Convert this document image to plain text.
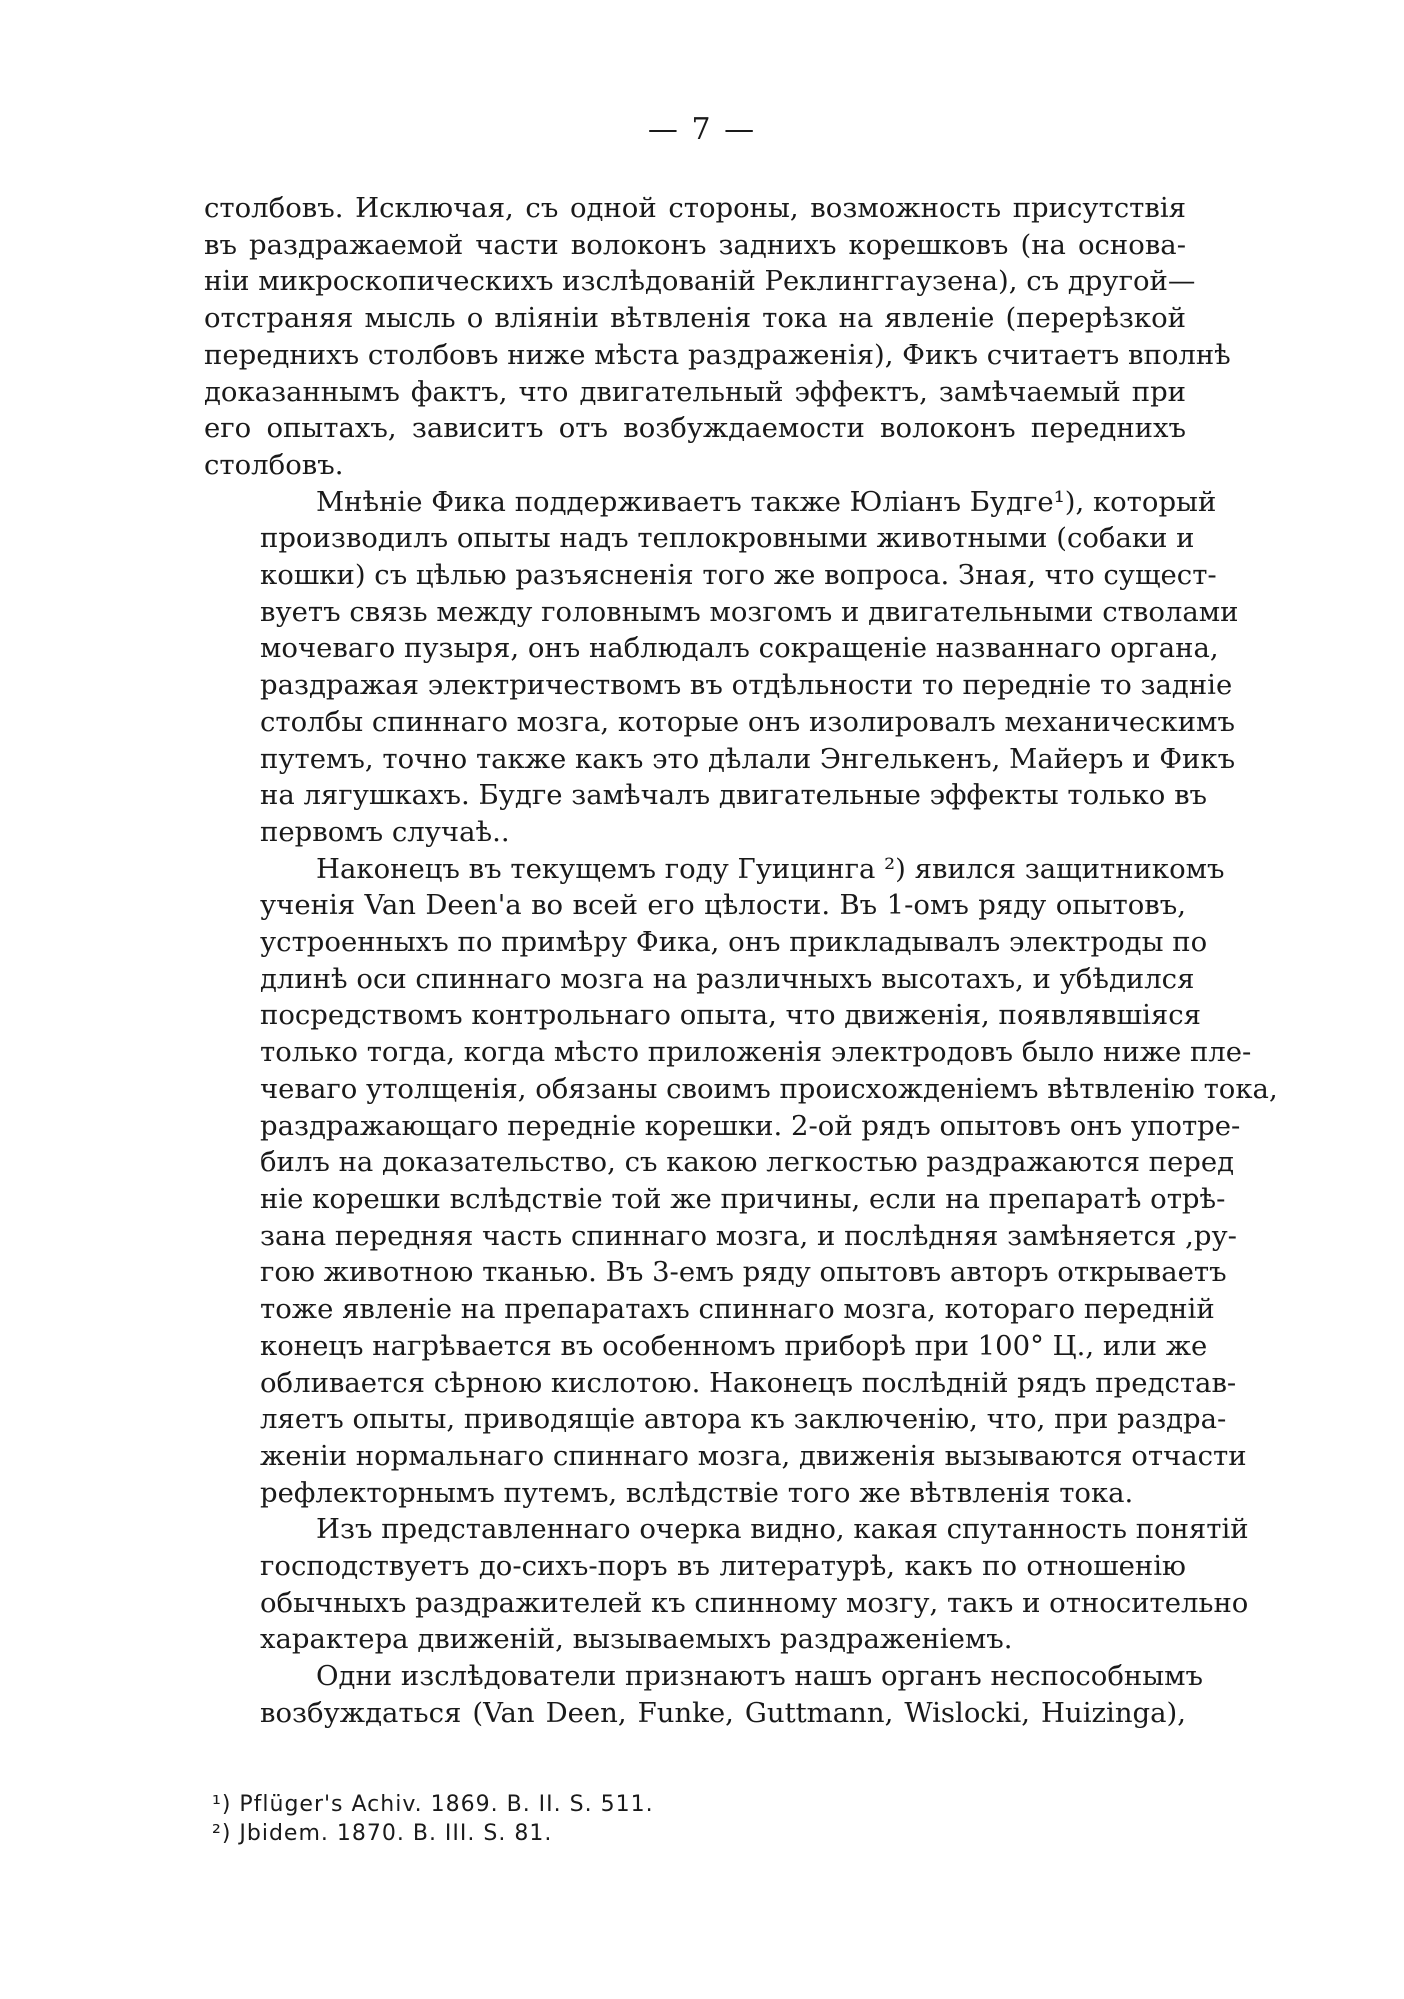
— 7 —

столбовъ. Исключая, съ одной стороны, возможность присутствія
въ раздражаемой части волоконъ заднихъ корешковъ (на основа-
ніи микроскопическихъ изслѣдованій Реклинггаузена), съ другой—
отстраняя мысль о вліяніи вѣтвленія тока на явленіе (перерѣзкой
переднихъ столбовъ ниже мѣста раздраженія), Фикъ считаетъ вполнѣ
доказаннымъ фактъ, что двигательный эффектъ, замѣчаемый при
его опытахъ, зависитъ отъ возбуждаемости волоконъ переднихъ
столбовъ.

Мнѣніе Фика поддерживаетъ также Юліанъ Будге¹), который
производилъ опыты надъ теплокровными животными (собаки и
кошки) съ цѣлью разъясненія того же вопроса. Зная, что сущест-
вуетъ связь между головнымъ мозгомъ и двигательными стволами
мочеваго пузыря, онъ наблюдалъ сокращеніе названнаго органа,
раздражая электричествомъ въ отдѣльности то передніе то задніе
столбы спиннаго мозга, которые онъ изолировалъ механическимъ
путемъ, точно также какъ это дѣлали Энгелькенъ, Майеръ и Фикъ
на лягушкахъ. Будге замѣчалъ двигательные эффекты только въ
первомъ случаѣ..

Наконецъ въ текущемъ году Гуицинга ²) явился защитникомъ
ученія Van Deen'а во всей его цѣлости. Въ 1-омъ ряду опытовъ,
устроенныхъ по примѣру Фика, онъ прикладывалъ электроды по
длинѣ оси спиннаго мозга на различныхъ высотахъ, и убѣдился
посредствомъ контрольнаго опыта, что движенія, появлявшіяся
только тогда, когда мѣсто приложенія электродовъ было ниже пле-
чеваго утолщенія, обязаны своимъ происхожденіемъ вѣтвленію тока,
раздражающаго передніе корешки. 2-ой рядъ опытовъ онъ употре-
билъ на доказательство, съ какою легкостью раздражаются перед
ніе корешки вслѣдствіе той же причины, если на препаратѣ отрѣ-
зана передняя часть спиннаго мозга, и послѣдняя замѣняется ,ру-
гою животною тканью. Въ 3-емъ ряду опытовъ авторъ открываетъ
тоже явленіе на препаратахъ спиннаго мозга, котораго передній
конецъ нагрѣвается въ особенномъ приборѣ при 100° Ц., или же
обливается сѣрною кислотою. Наконецъ послѣдній рядъ представ-
ляетъ опыты, приводящіе автора къ заключенію, что, при раздра-
женіи нормальнаго спиннаго мозга, движенія вызываются отчасти
рефлекторнымъ путемъ, вслѣдствіе того же вѣтвленія тока.

Изъ представленнаго очерка видно, какая спутанность понятій
господствуетъ до-сихъ-поръ въ литературѣ, какъ по отношенію
обычныхъ раздражителей къ спинному мозгу, такъ и относительно
характера движеній, вызываемыхъ раздраженіемъ.

Одни изслѣдователи признаютъ нашъ органъ неспособнымъ
возбуждаться (Van Deen, Funke, Guttmann, Wislocki, Huizinga),

¹) Pflüger's Achiv. 1869. B. II. S. 511.
²) Jbidem. 1870. B. III. S. 81.
